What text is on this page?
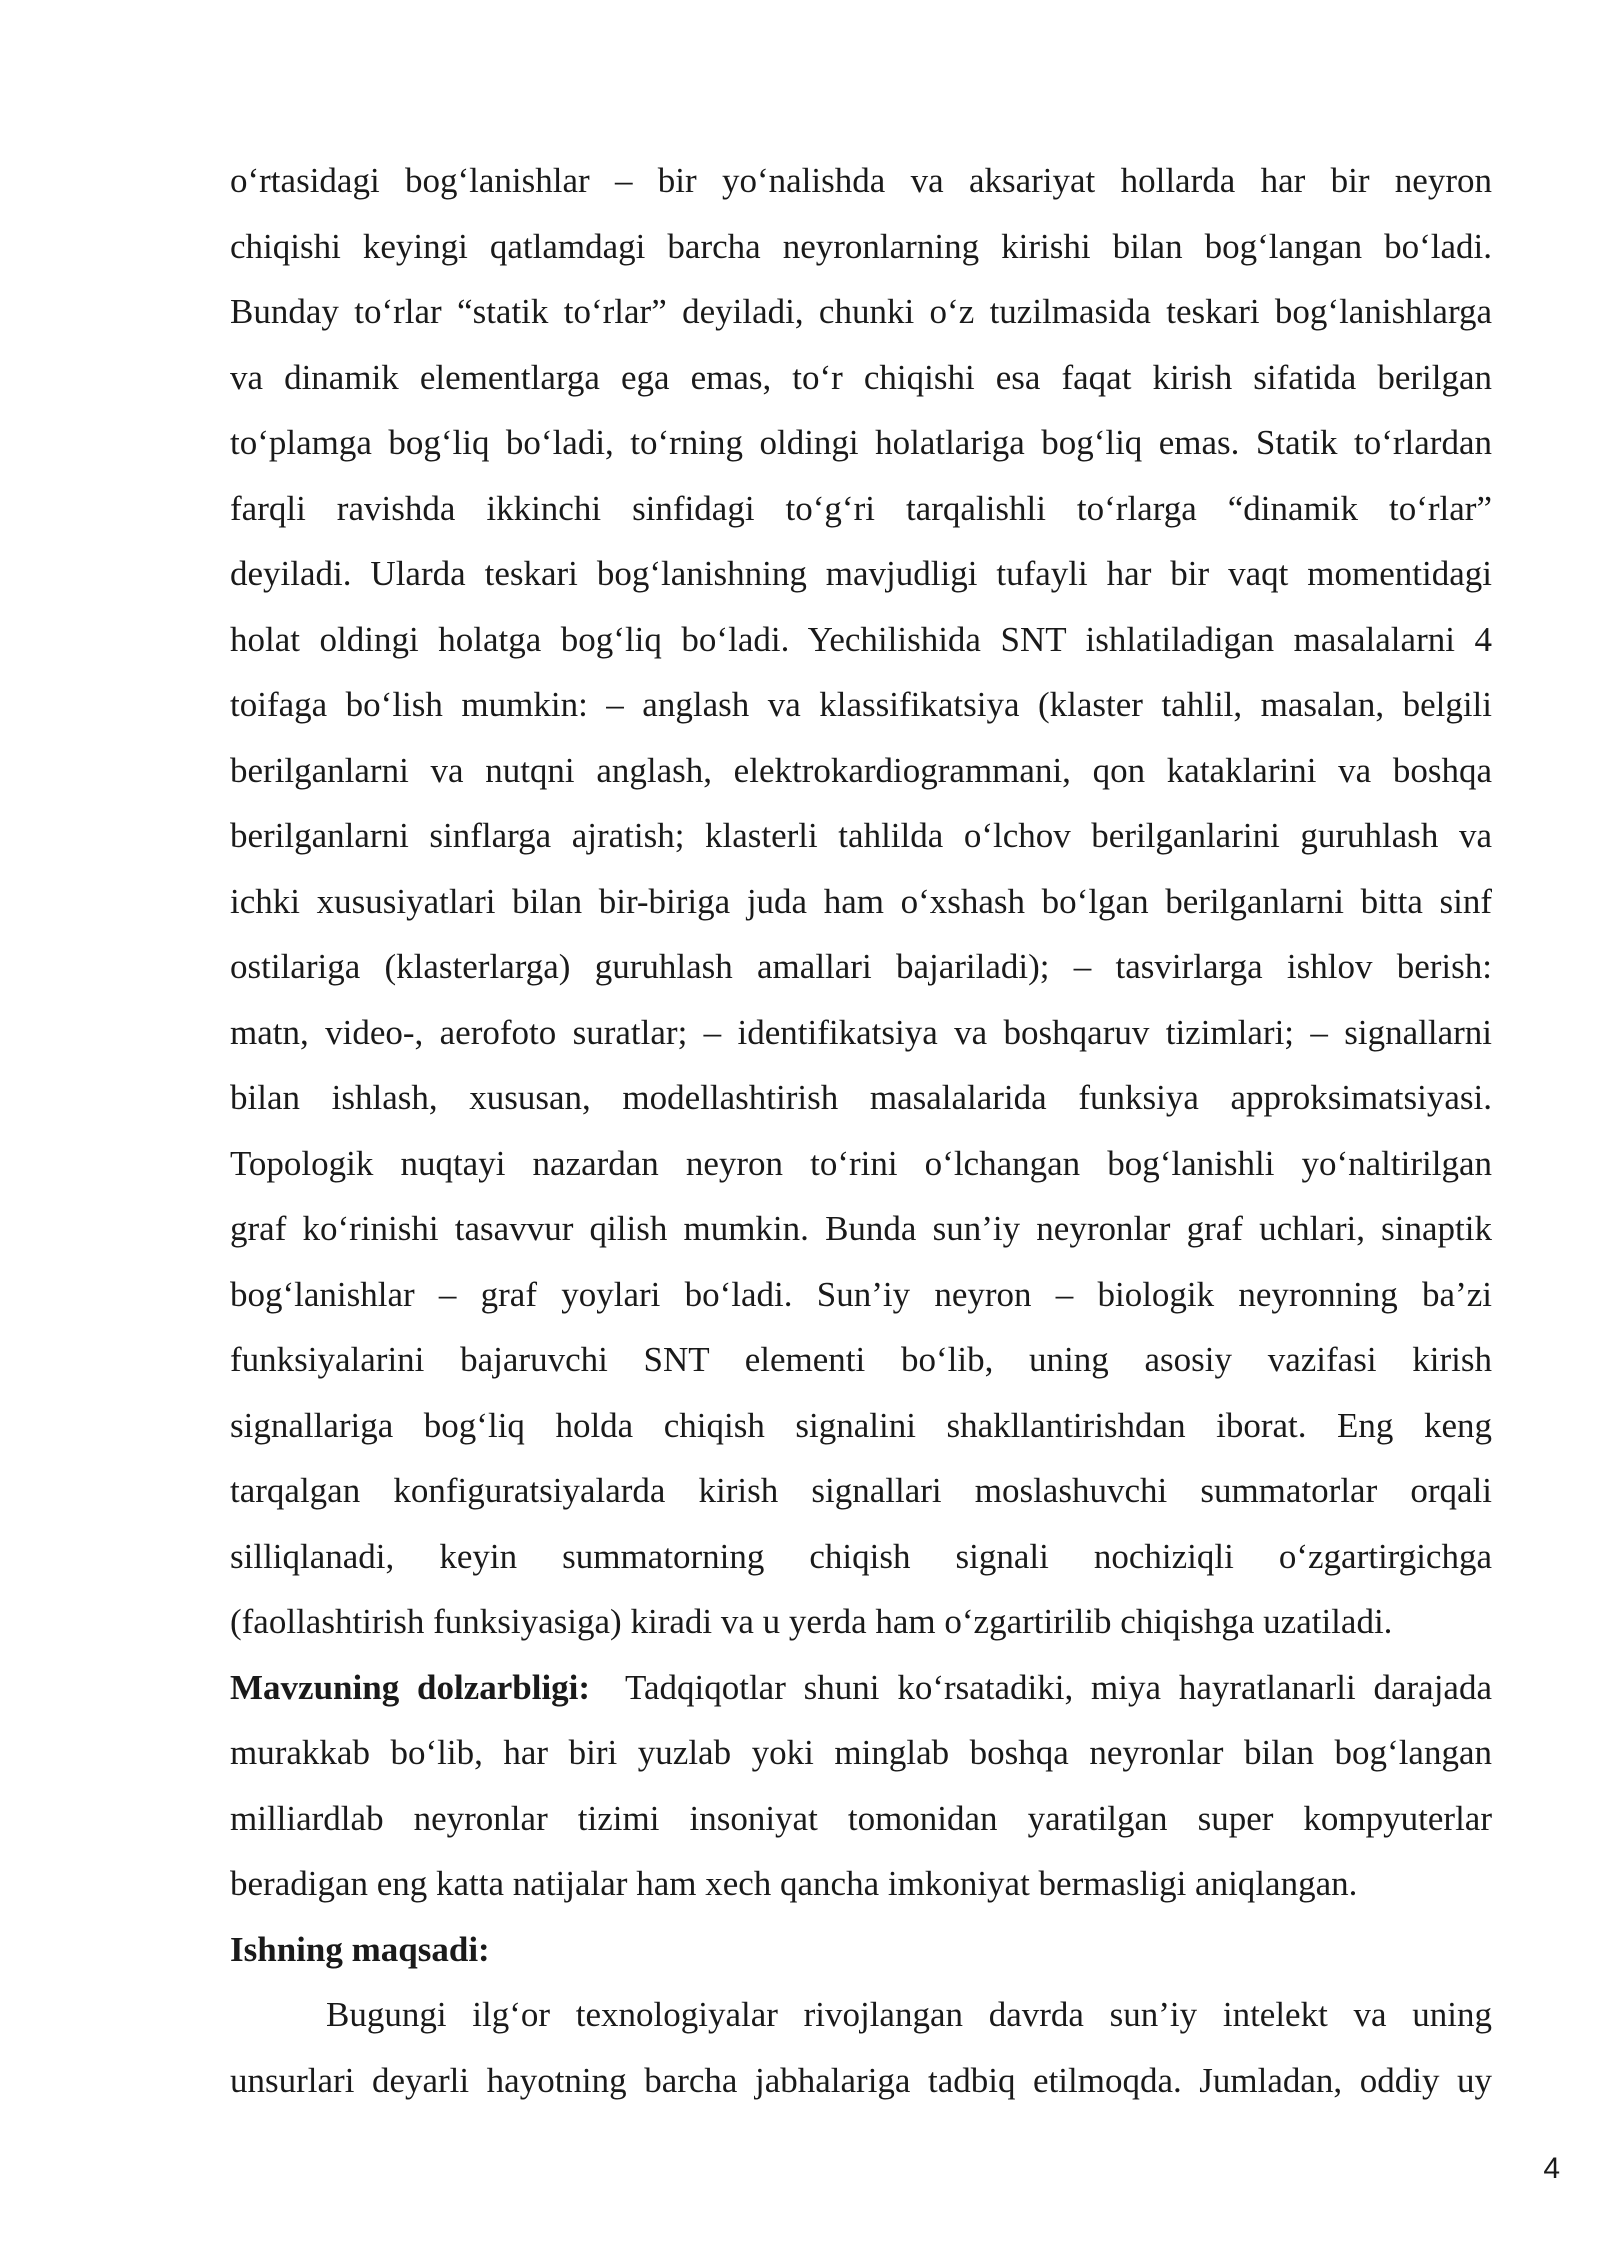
o‘rtasidagi bog‘lanishlar – bir yo‘nalishda va aksariyat hollarda har bir neyron
chiqishi keyingi qatlamdagi barcha neyronlarning kirishi bilan bog‘langan bo‘ladi.
Bunday to‘rlar “statik to‘rlar” deyiladi, chunki o‘z tuzilmasida teskari bog‘lanishlarga
va dinamik elementlarga ega emas, to‘r chiqishi esa faqat kirish sifatida berilgan
to‘plamga bog‘liq bo‘ladi, to‘rning oldingi holatlariga bog‘liq emas. Statik to‘rlardan
farqli ravishda ikkinchi sinfidagi to‘g‘ri tarqalishli to‘rlarga “dinamik to‘rlar”
deyiladi. Ularda teskari bog‘lanishning mavjudligi tufayli har bir vaqt momentidagi
holat oldingi holatga bog‘liq bo‘ladi. Yechilishida SNT ishlatiladigan masalalarni 4
toifaga bo‘lish mumkin: – anglash va klassifikatsiya (klaster tahlil, masalan, belgili
berilganlarni va nutqni anglash, elektrokardiogrammani, qon kataklarini va boshqa
berilganlarni sinflarga ajratish; klasterli tahlilda o‘lchov berilganlarini guruhlash va
ichki xususiyatlari bilan bir-biriga juda ham o‘xshash bo‘lgan berilganlarni bitta sinf
ostilariga (klasterlarga) guruhlash amallari bajariladi); – tasvirlarga ishlov berish:
matn, video-, aerofoto suratlar; – identifikatsiya va boshqaruv tizimlari; – signallarni
bilan ishlash, xususan, modellashtirish masalalarida funksiya approksimatsiyasi.
Topologik nuqtayi nazardan neyron to‘rini o‘lchangan bog‘lanishli yo‘naltirilgan
graf ko‘rinishi tasavvur qilish mumkin. Bunda sun’iy neyronlar graf uchlari, sinaptik
bog‘lanishlar – graf yoylari bo‘ladi. Sun’iy neyron – biologik neyronning ba’zi
funksiyalarini bajaruvchi SNT elementi bo‘lib, uning asosiy vazifasi kirish
signallariga bog‘liq holda chiqish signalini shakllantirishdan iborat. Eng keng
tarqalgan konfiguratsiyalarda kirish signallari moslashuvchi summatorlar orqali
silliqlanadi, keyin summatorning chiqish signali nochiziqli o‘zgartirgichga
(faollashtirish funksiyasiga) kiradi va u yerda ham o‘zgartirilib chiqishga uzatiladi.
Mavzuning dolzarbligi: Tadqiqotlar shuni ko‘rsatadiki, miya hayratlanarli darajada
murakkab bo‘lib, har biri yuzlab yoki minglab boshqa neyronlar bilan bog‘langan
milliardlab neyronlar tizimi insoniyat tomonidan yaratilgan super kompyuterlar
beradigan eng katta natijalar ham xech qancha imkoniyat bermasligi aniqlangan.
Ishning maqsadi:
Bugungi ilg‘or texnologiyalar rivojlangan davrda sun’iy intelekt va uning
unsurlari deyarli hayotning barcha jabhalariga tadbiq etilmoqda. Jumladan, oddiy uy
4
